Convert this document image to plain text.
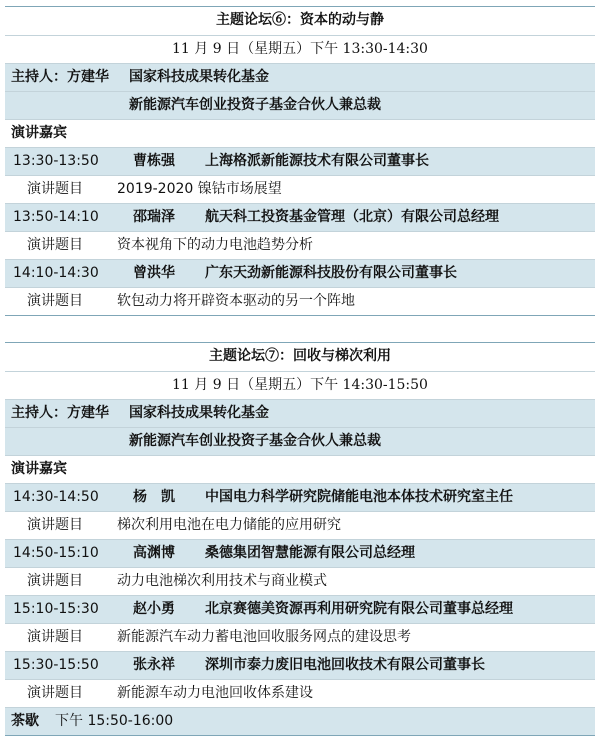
主题论坛⑥：资本的动与静
11 月 9 日（星期五）下午 13:30-14:30
主持人：方建华 国家科技成果转化基金
新能源汽车创业投资子基金合伙人兼总裁
演讲嘉宾
13:30-13:50 曹栋强 上海格派新能源技术有限公司董事长
演讲题目 2019-2020 镍钴市场展望
13:50-14:10 邵瑞泽 航天科工投资基金管理（北京）有限公司总经理
演讲题目 资本视角下的动力电池趋势分析
14:10-14:30 曾洪华 广东天劲新能源科技股份有限公司董事长
演讲题目 软包动力将开辟资本驱动的另一个阵地
主题论坛⑦：回收与梯次利用
11 月 9 日（星期五）下午 14:30-15:50
主持人：方建华 国家科技成果转化基金
新能源汽车创业投资子基金合伙人兼总裁
演讲嘉宾
14:30-14:50 杨　凯 中国电力科学研究院储能电池本体技术研究室主任
演讲题目 梯次利用电池在电力储能的应用研究
14:50-15:10 高渊博 桑德集团智慧能源有限公司总经理
演讲题目 动力电池梯次利用技术与商业模式
15:10-15:30 赵小勇 北京赛德美资源再利用研究院有限公司董事总经理
演讲题目 新能源汽车动力蓄电池回收服务网点的建设思考
15:30-15:50 张永祥 深圳市泰力废旧电池回收技术有限公司董事长
演讲题目 新能源车动力电池回收体系建设
茶歇 下午 15:50-16:00
